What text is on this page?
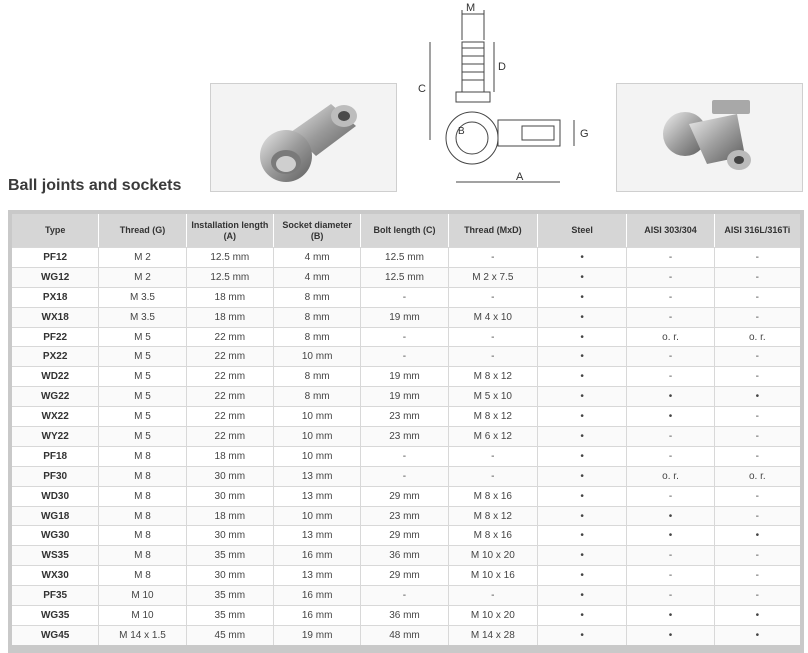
M
D
C
B
A
G
Ball joints and sockets
Type	Thread (G)	Installation length (A)	Socket diameter (B)	Bolt length (C)	Thread (MxD)	Steel	AISI 303/304	AISI 316L/316Ti
PF12	M 2	12.5 mm	4 mm	12.5 mm	-	•	-	-
WG12	M 2	12.5 mm	4 mm	12.5 mm	M 2 x 7.5	•	-	-
PX18	M 3.5	18 mm	8 mm	-	-	•	-	-
WX18	M 3.5	18 mm	8 mm	19 mm	M 4 x 10	•	-	-
PF22	M 5	22 mm	8 mm	-	-	•	o. r.	o. r.
PX22	M 5	22 mm	10 mm	-	-	•	-	-
WD22	M 5	22 mm	8 mm	19 mm	M 8 x 12	•	-	-
WG22	M 5	22 mm	8 mm	19 mm	M 5 x 10	•	•	•
WX22	M 5	22 mm	10 mm	23 mm	M 8 x 12	•	•	-
WY22	M 5	22 mm	10 mm	23 mm	M 6 x 12	•	-	-
PF18	M 8	18 mm	10 mm	-	-	•	-	-
PF30	M 8	30 mm	13 mm	-	-	•	o. r.	o. r.
WD30	M 8	30 mm	13 mm	29 mm	M 8 x 16	•	-	-
WG18	M 8	18 mm	10 mm	23 mm	M 8 x 12	•	•	-
WG30	M 8	30 mm	13 mm	29 mm	M 8 x 16	•	•	•
WS35	M 8	35 mm	16 mm	36 mm	M 10 x 20	•	-	-
WX30	M 8	30 mm	13 mm	29 mm	M 10 x 16	•	-	-
PF35	M 10	35 mm	16 mm	-	-	•	-	-
WG35	M 10	35 mm	16 mm	36 mm	M 10 x 20	•	•	•
WG45	M 14 x 1.5	45 mm	19 mm	48 mm	M 14 x 28	•	•	•
